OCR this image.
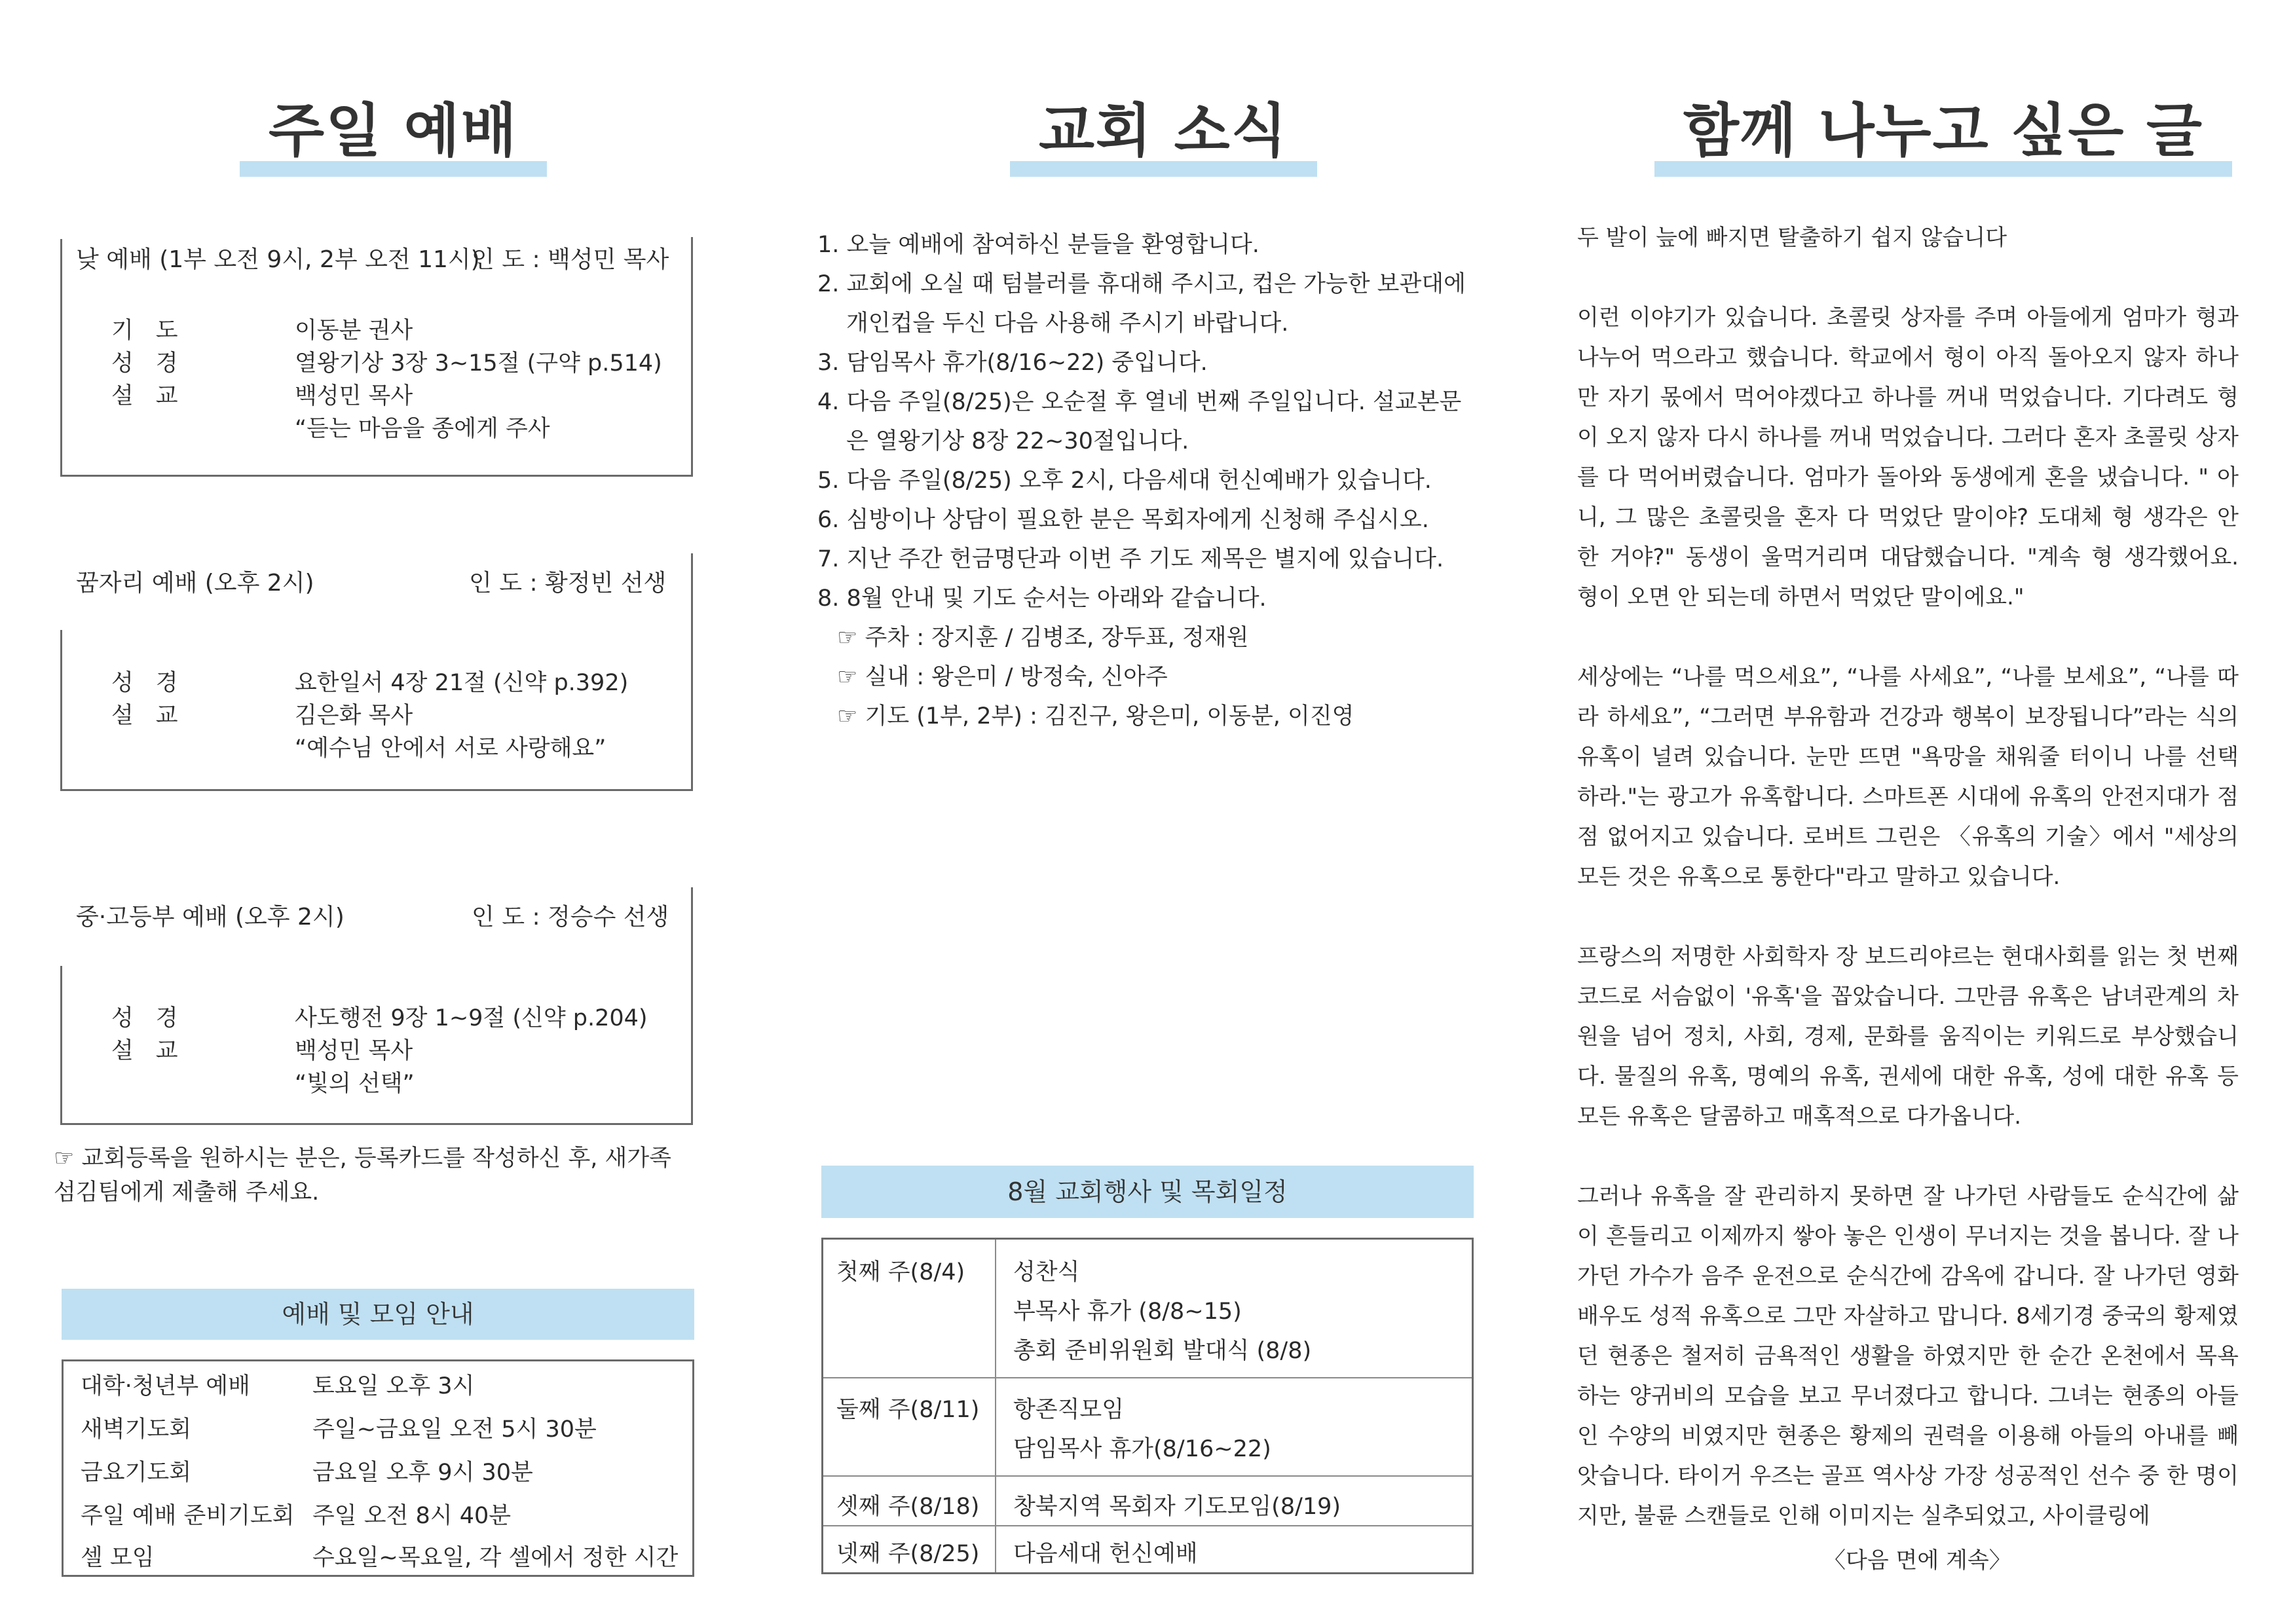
주일 예배
낮 예배 (1부 오전 9시, 2부 오전 11시)
인 도 : 백성민 목사
기도	이동분 권사
성경	열왕기상 3장 3~15절 (구약 p.514)
설교	백성민 목사
“듣는 마음을 종에게 주사
꿈자리 예배 (오후 2시)	인 도 : 황정빈 선생
성경	요한일서 4장 21절 (신약 p.392)
설교	김은화 목사
“예수님 안에서 서로 사랑해요”
중·고등부 예배 (오후 2시)	인 도 : 정승수 선생
성경	사도행전 9장 1~9절 (신약 p.204)
설교	백성민 목사
“빛의 선택”
☞ 교회등록을 원하시는 분은, 등록카드를 작성하신 후, 새가족 섬김팀에게 제출해 주세요.
예배 및 모임 안내
대학·청년부 예배	토요일 오후 3시
새벽기도회	주일~금요일 오전 5시 30분
금요기도회	금요일 오후 9시 30분
주일 예배 준비기도회 주일 오전 8시 40분
셀 모임	수요일~목요일, 각 셀에서 정한 시간
교회 소식
1. 오늘 예배에 참여하신 분들을 환영합니다.
2. 교회에 오실 때 텀블러를 휴대해 주시고, 컵은 가능한 보관대에 개인컵을 두신 다음 사용해 주시기 바랍니다.
3. 담임목사 휴가(8/16~22) 중입니다.
4. 다음 주일(8/25)은 오순절 후 열네 번째 주일입니다. 설교본문은 열왕기상 8장 22~30절입니다.
5. 다음 주일(8/25) 오후 2시, 다음세대 헌신예배가 있습니다.
6. 심방이나 상담이 필요한 분은 목회자에게 신청해 주십시오.
7. 지난 주간 헌금명단과 이번 주 기도 제목은 별지에 있습니다.
8. 8월 안내 및 기도 순서는 아래와 같습니다.
☞ 주차 : 장지훈 / 김병조, 장두표, 정재원
☞ 실내 : 왕은미 / 방정숙, 신아주
☞ 기도 (1부, 2부) : 김진구, 왕은미, 이동분, 이진영
8월 교회행사 및 목회일정
첫째 주(8/4) 성찬식
부목사 휴가 (8/8~15)
총회 준비위원회 발대식 (8/8)
둘째 주(8/11) 항존직모임
담임목사 휴가(8/16~22)
셋째 주(8/18) 창북지역 목회자 기도모임(8/19)
넷째 주(8/25) 다음세대 헌신예배
함께 나누고 싶은 글

두 발이 늪에 빠지면 탈출하기 쉽지 않습니다

이런 이야기가 있습니다. 초콜릿 상자를 주며 아들에게 엄마가 형과 나누어 먹으라고 했습니다. 학교에서 형이 아직 돌아오지 않자 하나만 자기 몫에서 먹어야겠다고 하나를 꺼내 먹었습니다. 기다려도 형이 오지 않자 다시 하나를 꺼내 먹었습니다. 그러다 혼자 초콜릿 상자를 다 먹어버렸습니다. 엄마가 돌아와 동생에게 혼을 냈습니다. " 아니, 그 많은 초콜릿을 혼자 다 먹었단 말이야? 도대체 형 생각은 안 한 거야?" 동생이 울먹거리며 대답했습니다. "계속 형 생각했어요. 형이 오면 안 되는데 하면서 먹었단 말이에요."

세상에는 “나를 먹으세요”, “나를 사세요”, “나를 보세요”, “나를 따라 하세요”, “그러면 부유함과 건강과 행복이 보장됩니다”라는 식의 유혹이 널려 있습니다. 눈만 뜨면 "욕망을 채워줄 터이니 나를 선택하라."는 광고가 유혹합니다. 스마트폰 시대에 유혹의 안전지대가 점점 없어지고 있습니다. 로버트 그린은 〈유혹의 기술〉에서 "세상의 모든 것은 유혹으로 통한다"라고 말하고 있습니다.

프랑스의 저명한 사회학자 장 보드리야르는 현대사회를 읽는 첫 번째 코드로 서슴없이 '유혹'을 꼽았습니다. 그만큼 유혹은 남녀관계의 차원을 넘어 정치, 사회, 경제, 문화를 움직이는 키워드로 부상했습니다. 물질의 유혹, 명예의 유혹, 권세에 대한 유혹, 성에 대한 유혹 등 모든 유혹은 달콤하고 매혹적으로 다가옵니다.

그러나 유혹을 잘 관리하지 못하면 잘 나가던 사람들도 순식간에 삶이 흔들리고 이제까지 쌓아 놓은 인생이 무너지는 것을 봅니다. 잘 나가던 가수가 음주 운전으로 순식간에 감옥에 갑니다. 잘 나가던 영화 배우도 성적 유혹으로 그만 자살하고 맙니다. 8세기경 중국의 황제였던 현종은 철저히 금욕적인 생활을 하였지만 한 순간 온천에서 목욕하는 양귀비의 모습을 보고 무너졌다고 합니다. 그녀는 현종의 아들인 수양의 비였지만 현종은 황제의 권력을 이용해 아들의 아내를 빼앗습니다. 타이거 우즈는 골프 역사상 가장 성공적인 선수 중 한 명이지만, 불륜 스캔들로 인해 이미지는 실추되었고, 사이클링에

〈다음 면에 계속〉
